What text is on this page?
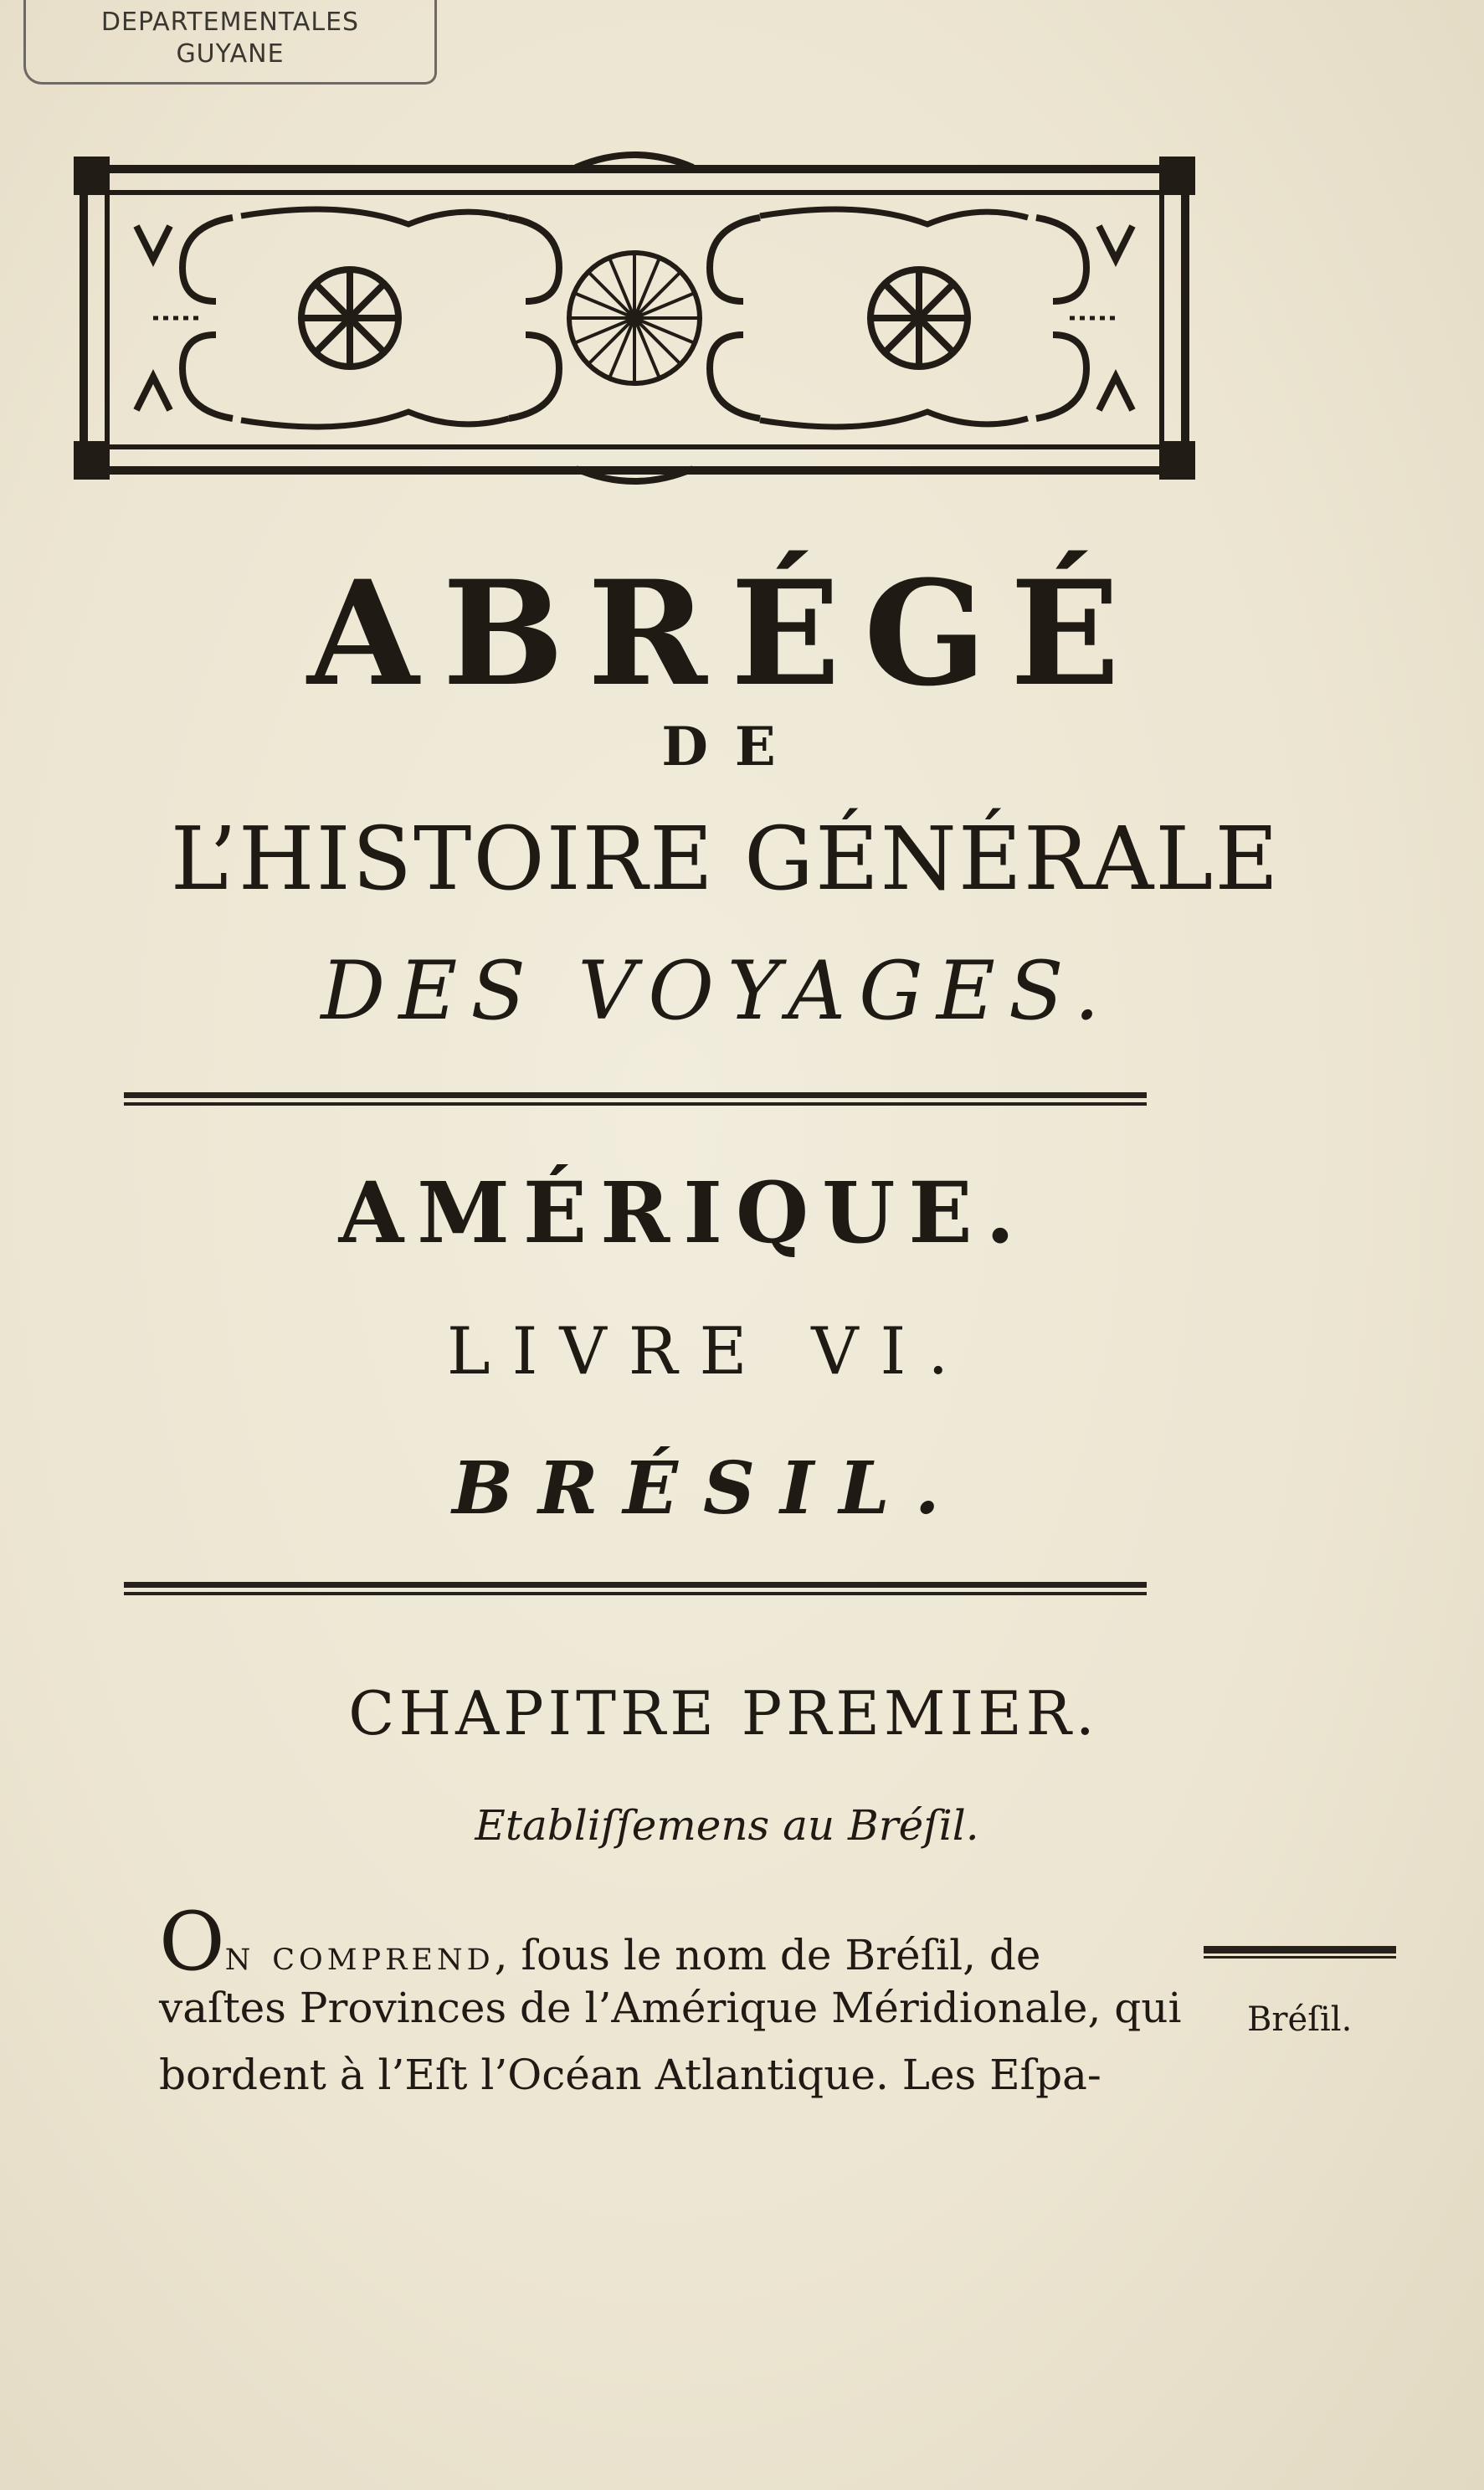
DEPARTEMENTALES
GUYANE
ABRÉGÉ
DE
L’HISTOIRE GÉNÉRALE
DES VOYAGES.
AMÉRIQUE.
LIVRE VI.
BRÉSIL.
CHAPITRE PREMIER.
Etabliſſemens au Bréſil.
On comprend, ſous le nom de Bréſil, de
vaſtes Provinces de l’Amérique Méridionale, qui
bordent à l’Eſt l’Océan Atlantique. Les Eſpa-
Bréſil.
